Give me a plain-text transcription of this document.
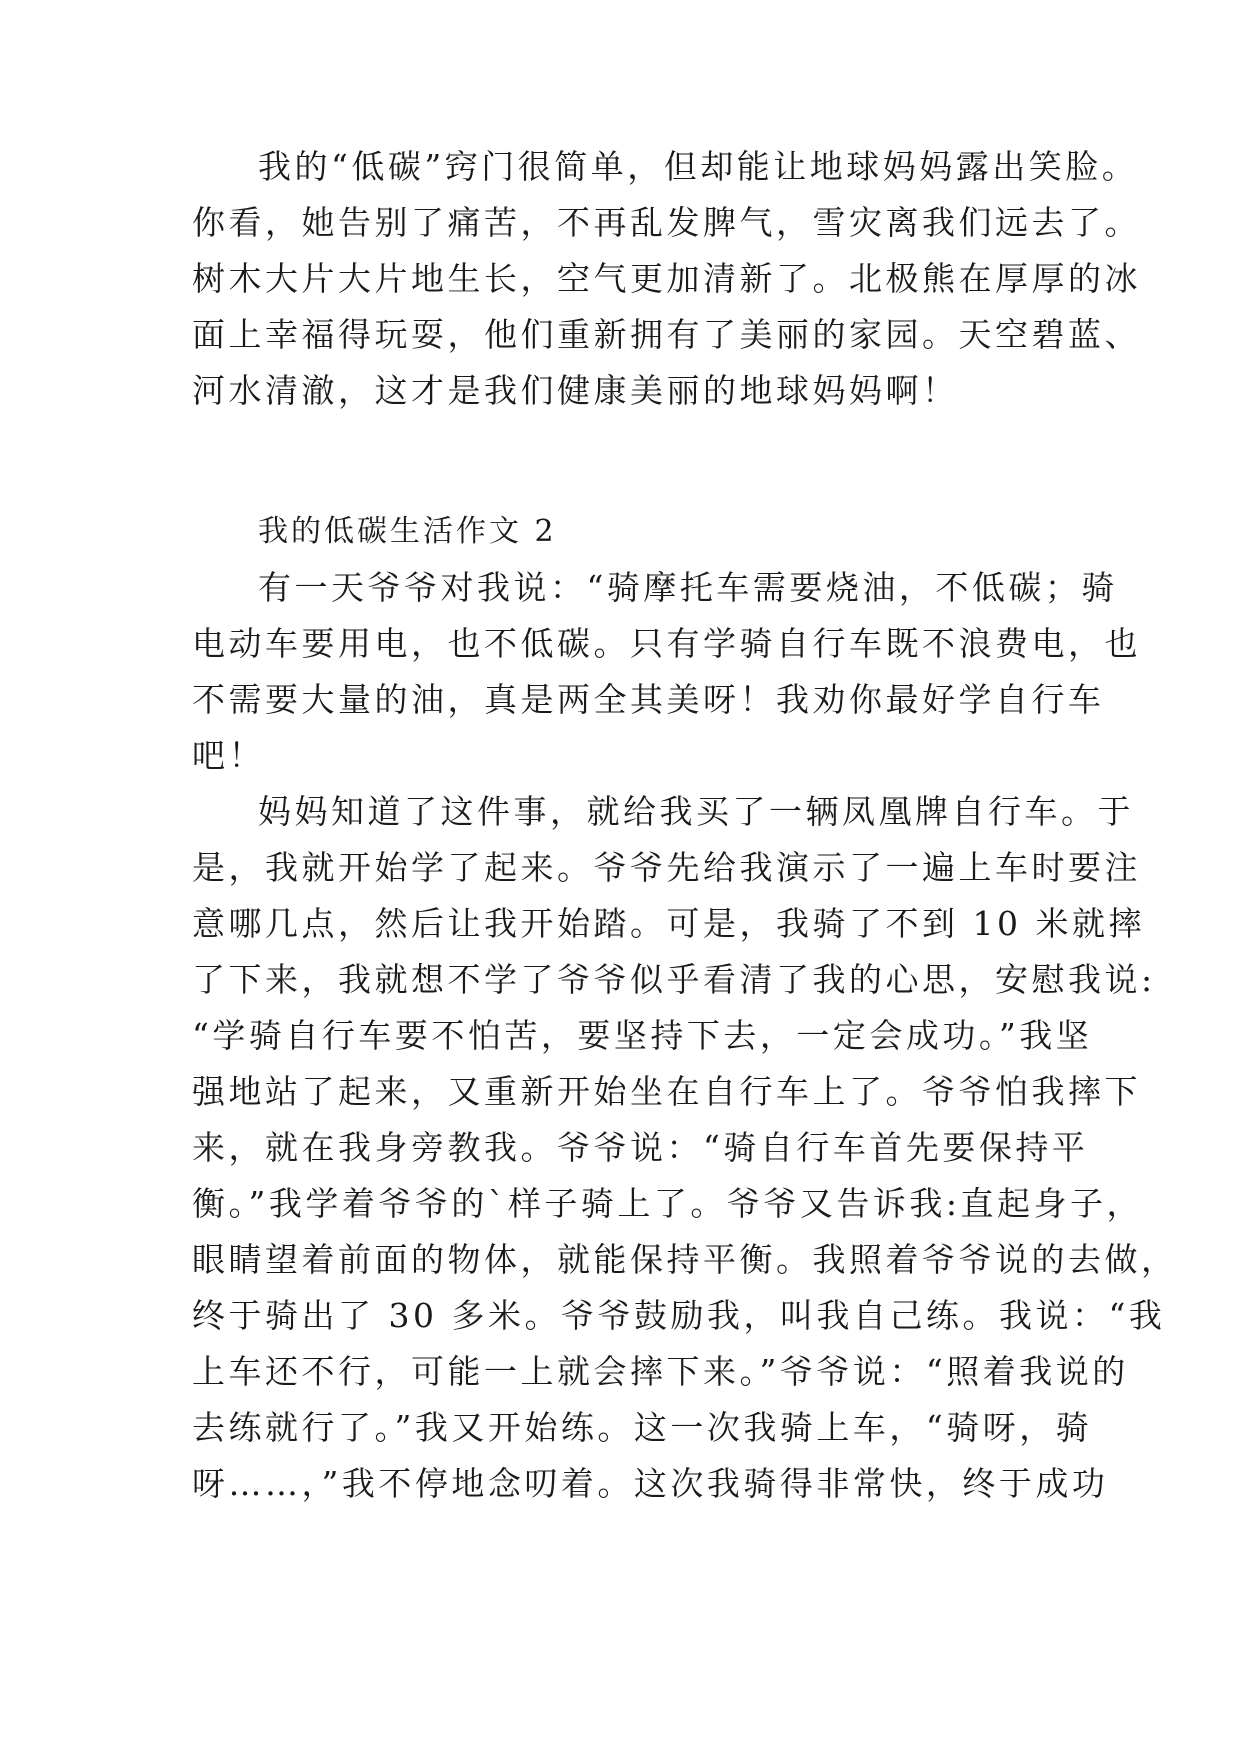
我的“低碳”窍门很简单，但却能让地球妈妈露出笑脸。
你看，她告别了痛苦，不再乱发脾气，雪灾离我们远去了。
树木大片大片地生长，空气更加清新了。北极熊在厚厚的冰
面上幸福得玩耍，他们重新拥有了美丽的家园。天空碧蓝、
河水清澈，这才是我们健康美丽的地球妈妈啊！
我的低碳生活作文 2
有一天爷爷对我说：“骑摩托车需要烧油，不低碳；骑
电动车要用电，也不低碳。只有学骑自行车既不浪费电，也
不需要大量的油，真是两全其美呀！我劝你最好学自行车
吧！
妈妈知道了这件事，就给我买了一辆凤凰牌自行车。于
是，我就开始学了起来。爷爷先给我演示了一遍上车时要注
意哪几点，然后让我开始踏。可是，我骑了不到 10 米就摔
了下来，我就想不学了爷爷似乎看清了我的心思，安慰我说:
“学骑自行车要不怕苦，要坚持下去，一定会成功。”我坚
强地站了起来，又重新开始坐在自行车上了。爷爷怕我摔下
来，就在我身旁教我。爷爷说：“骑自行车首先要保持平
衡。”我学着爷爷的`样子骑上了。爷爷又告诉我:直起身子，
眼睛望着前面的物体，就能保持平衡。我照着爷爷说的去做，
终于骑出了 30 多米。爷爷鼓励我，叫我自己练。我说：“我
上车还不行，可能一上就会摔下来。”爷爷说：“照着我说的
去练就行了。”我又开始练。这一次我骑上车，“骑呀，骑
呀……，”我不停地念叨着。这次我骑得非常快，终于成功
